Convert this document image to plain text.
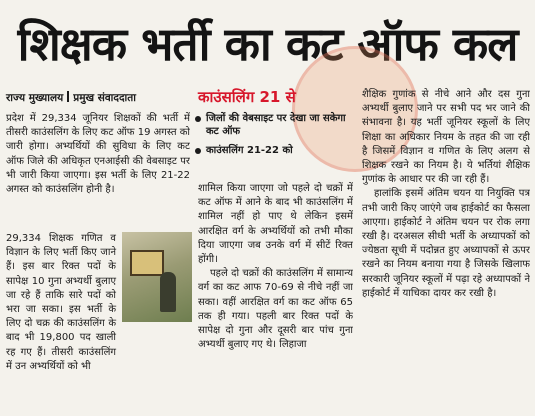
शिक्षक भर्ती का कट ऑफ कल
राज्य मुख्यालय प्रमुख संवाददाता

प्रदेश में 29,334 जूनियर शिक्षकों की भर्ती में तीसरी काउंसलिंग के लिए कट ऑफ 19 अगस्त को जारी होगा। अभ्यर्थियों की सुविधा के लिए कट ऑफ जिले की अधिकृत एनआईसी की वेबसाइट पर भी जारी किया जाएगा। इस भर्ती के लिए 21-22 अगस्त को काउंसलिंग होनी है।

29,334 शिक्षक गणित व विज्ञान के लिए भर्ती किए जाने हैं। इस बार रिक्त पदों के सापेक्ष 10 गुना अभ्यर्थी बुलाए जा रहे हैं ताकि सारे पदों को भरा जा सका। इस भर्ती के लिए दो चक्र की काउंसलिंग के बाद भी 19,800 पद खाली रह गए हैं। तीसरी काउंसलिंग में उन अभ्यर्थियों को भी

काउंसलिंग 21 से
जिलों की वेबसाइट पर देखा जा सकेगा कट ऑफ
काउंसलिंग 21-22 को

शामिल किया जाएगा जो पहले दो चक्रों में कट ऑफ में आने के बाद भी काउंसलिंग में शामिल नहीं हो पाए थे लेकिन इसमें आरक्षित वर्ग के अभ्यर्थियों को तभी मौका दिया जाएगा जब उनके वर्ग में सीटें रिक्त होंगी।

पहले दो चक्रों की काउंसलिंग में सामान्य वर्ग का कट आफ 70-69 से नीचे नहीं जा सका। वहीं आरक्षित वर्ग का कट ऑफ 65 तक ही गया। पहली बार रिक्त पदों के सापेक्ष दो गुना और दूसरी बार पांच गुना अभ्यर्थी बुलाए गए थे। लिहाजा

शैक्षिक गुणांक से नीचे आने और दस गुना अभ्यर्थी बुलाए जाने पर सभी पद भर जाने की संभावना है। यह भर्ती जूनियर स्कूलों के लिए शिक्षा का अधिकार नियम के तहत की जा रही है जिसमें विज्ञान व गणित के लिए अलग से शिक्षक रखने का नियम है। ये भर्तियां शैक्षिक गुणांक के आधार पर की जा रही हैं।

हालांकि इसमें अंतिम चयन या नियुक्ति पत्र तभी जारी किए जाएंगे जब हाईकोर्ट का फैसला आएगा। हाईकोर्ट ने अंतिम चयन पर रोक लगा रखी है। दरअसल सीधी भर्ती के अध्यापकों को ज्येष्ठता सूची में पदोन्नत हुए अध्यापकों से ऊपर रखने का नियम बनाया गया है जिसके खिलाफ सरकारी जूनियर स्कूलों में पढ़ा रहे अध्यापकों ने हाईकोर्ट में याचिका दायर कर रखी है।
